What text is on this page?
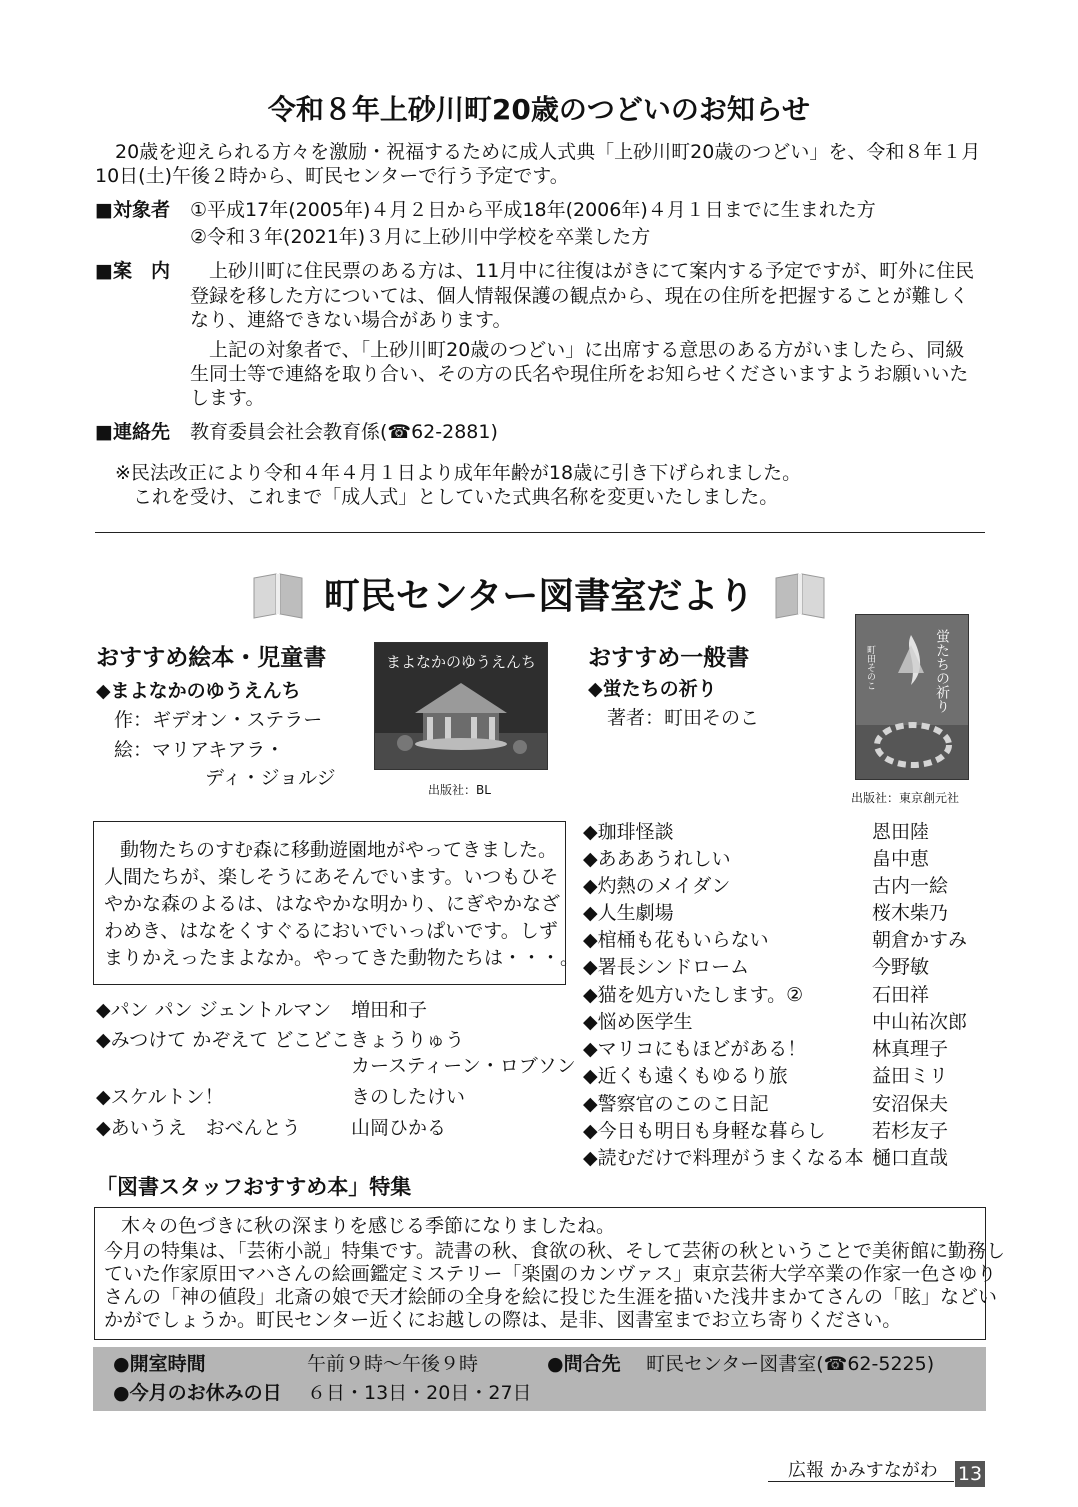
令和８年上砂川町20歳のつどいのお知らせ
20歳を迎えられる方々を激励・祝福するために成人式典「上砂川町20歳のつどい」を、令和８年１月
10日(土)午後２時から、町民センターで行う予定です。
■対象者 ①平成17年(2005年)４月２日から平成18年(2006年)４月１日までに生まれた方
②令和３年(2021年)３月に上砂川中学校を卒業した方
■案　内 上砂川町に住民票のある方は、11月中に往復はがきにて案内する予定ですが、町外に住民
登録を移した方については、個人情報保護の観点から、現在の住所を把握することが難しく
なり、連絡できない場合があります。
上記の対象者で、「上砂川町20歳のつどい」に出席する意思のある方がいましたら、同級
生同士等で連絡を取り合い、その方の氏名や現住所をお知らせくださいますようお願いいた
します。
■連絡先 教育委員会社会教育係(☎62-2881)
※民法改正により令和４年４月１日より成年年齢が18歳に引き下げられました。
これを受け、これまで「成人式」としていた式典名称を変更いたしました。
町民センター図書室だより
おすすめ絵本・児童書
◆まよなかのゆうえんち
作：ギデオン・ステラー
絵：マリアキアラ・
ディ・ジョルジ
まよなかのゆうえんち
出版社：BL
動物たちのすむ森に移動遊園地がやってきました。
人間たちが、楽しそうにあそんでいます。いつもひそ
やかな森のよるは、はなやかな明かり、にぎやかなざ
わめき、はなをくすぐるにおいでいっぱいです。しず
まりかえったまよなか。やってきた動物たちは・・・。
◆パン パン ジェントルマン 増田和子
◆みつけて かぞえて どこどこきょうりゅう
カースティーン・ロブソン
◆スケルトン！	きのしたけい
◆あいうえ　おべんとう	山岡ひかる
おすすめ一般書
◆蛍たちの祈り
著者：町田そのこ
町田そのこ	蛍たちの祈り
出版社：東京創元社
◆珈琲怪談	恩田陸
◆あああうれしい	畠中恵
◆灼熱のメイダン	古内一絵
◆人生劇場	桜木柴乃
◆棺桶も花もいらない	朝倉かすみ
◆署長シンドローム	今野敏
◆猫を処方いたします。②	石田祥
◆悩め医学生	中山祐次郎
◆マリコにもほどがある！	林真理子
◆近くも遠くもゆるり旅	益田ミリ
◆警察官のこのこ日記	安沼保夫
◆今日も明日も身軽な暮らし 若杉友子
◆読むだけで料理がうまくなる本 樋口直哉
「図書スタッフおすすめ本」特集
木々の色づきに秋の深まりを感じる季節になりましたね。
今月の特集は、「芸術小説」特集です。読書の秋、食欲の秋、そして芸術の秋ということで美術館に勤務し
ていた作家原田マハさんの絵画鑑定ミステリー「楽園のカンヴァス」東京芸術大学卒業の作家一色さゆり
さんの「神の値段」北斎の娘で天才絵師の全身を絵に投じた生涯を描いた浅井まかてさんの「眩」などい
かがでしょうか。町民センター近くにお越しの際は、是非、図書室までお立ち寄りください。
●開室時間	午前９時～午後９時	●問合先 町民センター図書室(☎62-5225)
●今月のお休みの日 ６日・13日・20日・27日
広報 かみすながわ 13
